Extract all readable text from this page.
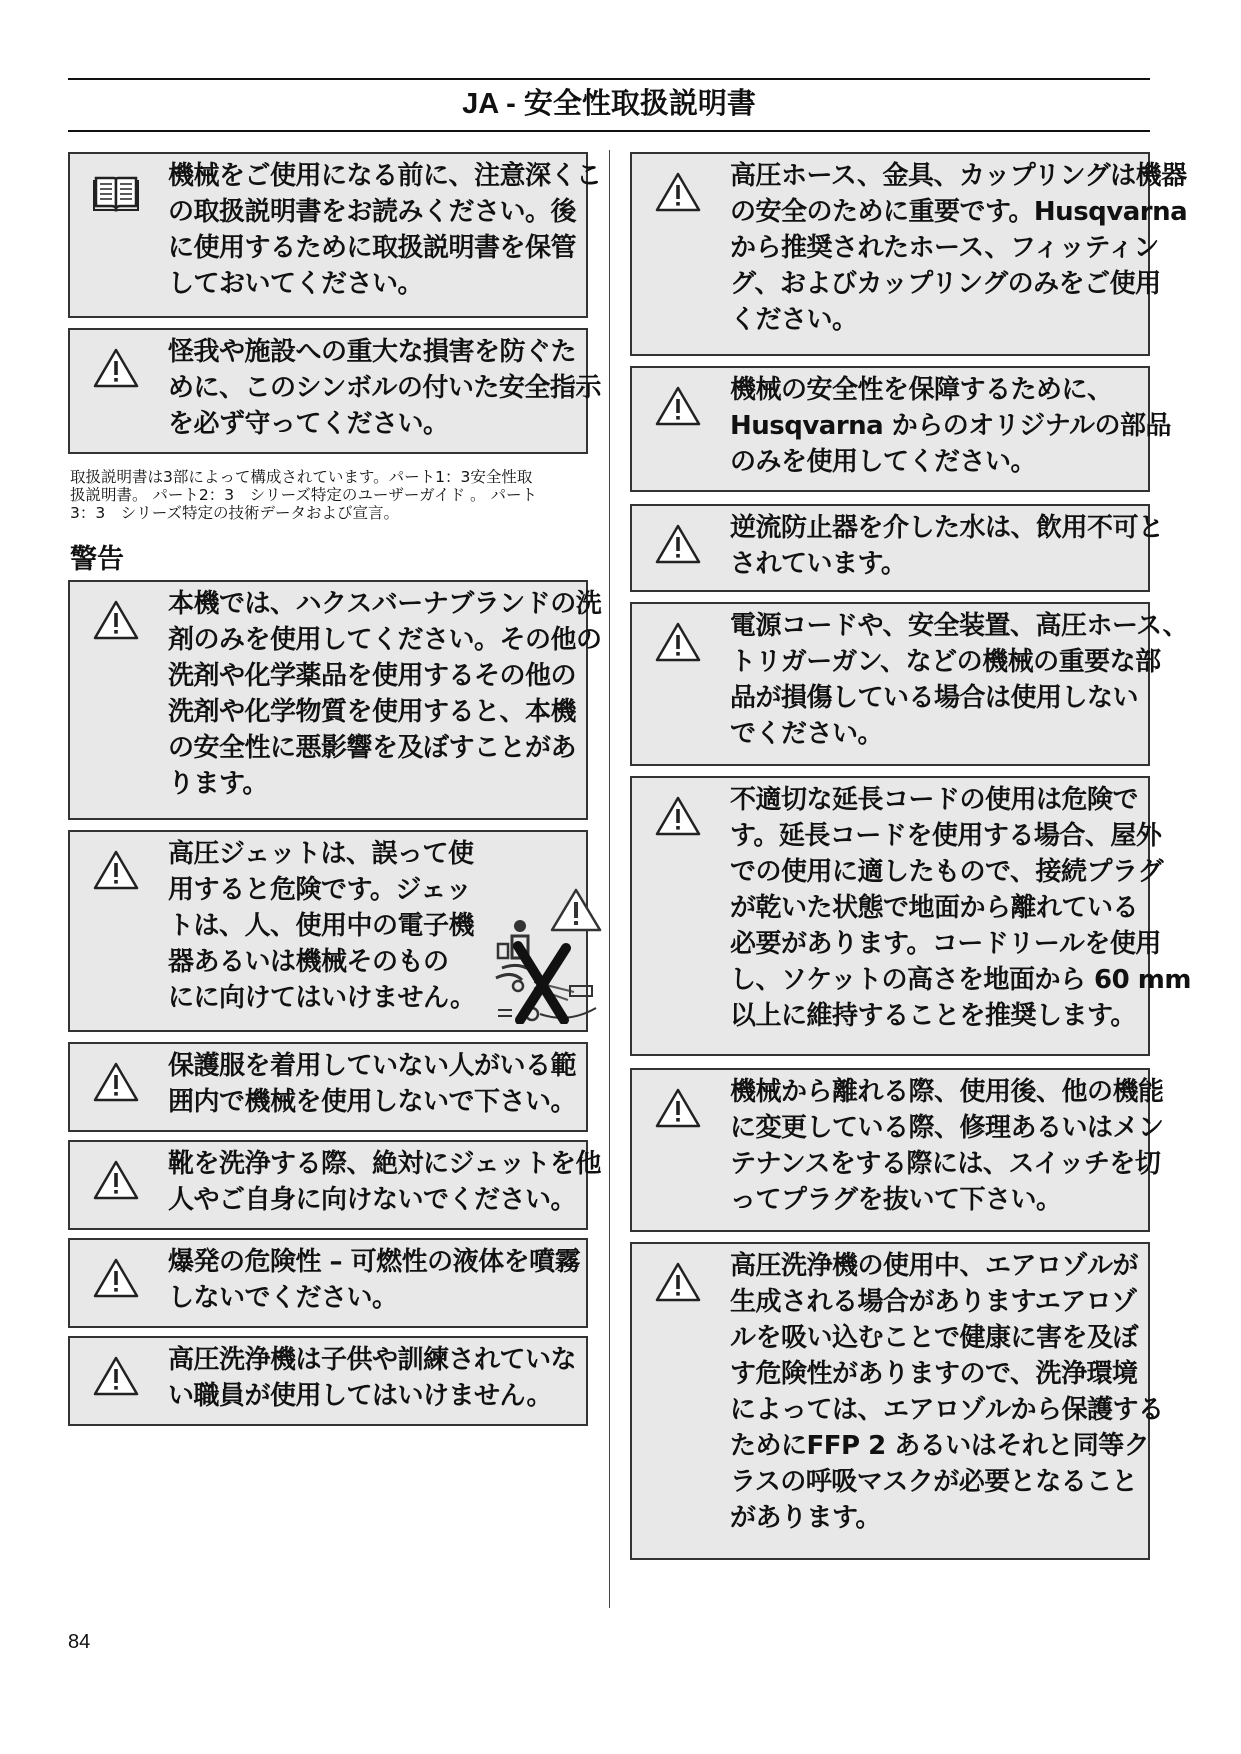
JA - 安全性取扱説明書
機械をご使用になる前に、注意深くこ
の取扱説明書をお読みください。後
に使用するために取扱説明書を保管
しておいてください。
怪我や施設への重大な損害を防ぐた
めに、このシンボルの付いた安全指示
を必ず守ってください。
取扱説明書は3部によって構成されています。パート1：3安全性取
扱説明書。 パート2：3　シリーズ特定のユーザーガイド 。 パート
3：3　シリーズ特定の技術データおよび宣言。
警告
本機では、ハクスバーナブランドの洗
剤のみを使用してください。その他の
洗剤や化学薬品を使用するその他の
洗剤や化学物質を使用すると、本機
の安全性に悪影響を及ぼすことがあ
ります。
高圧ジェットは、誤って使
用すると危険です。ジェッ
トは、人、使用中の電子機
器あるいは機械そのもの
にに向けてはいけません。
保護服を着用していない人がいる範
囲内で機械を使用しないで下さい。
靴を洗浄する際、絶対にジェットを他
人やご自身に向けないでください。
爆発の危険性 – 可燃性の液体を噴霧
しないでください。
高圧洗浄機は子供や訓練されていな
い職員が使用してはいけません。
高圧ホース、金具、カップリングは機器
の安全のために重要です。Husqvarna
から推奨されたホース、フィッティン
グ、およびカップリングのみをご使用
ください。
機械の安全性を保障するために、
Husqvarna からのオリジナルの部品
のみを使用してください。
逆流防止器を介した水は、飲用不可と
されています。
電源コードや、安全装置、高圧ホース、
トリガーガン、などの機械の重要な部
品が損傷している場合は使用しない
でください。
不適切な延長コードの使用は危険で
す。延長コードを使用する場合、屋外
での使用に適したもので、接続プラグ
が乾いた状態で地面から離れている
必要があります。コードリールを使用
し、ソケットの高さを地面から 60 mm
以上に維持することを推奨します。
機械から離れる際、使用後、他の機能
に変更している際、修理あるいはメン
テナンスをする際には、スイッチを切
ってプラグを抜いて下さい。
高圧洗浄機の使用中、エアロゾルが
生成される場合がありますエアロゾ
ルを吸い込むことで健康に害を及ぼ
す危険性がありますので、洗浄環境
によっては、エアロゾルから保護する
ためにFFP 2 あるいはそれと同等ク
ラスの呼吸マスクが必要となること
があります。
84
